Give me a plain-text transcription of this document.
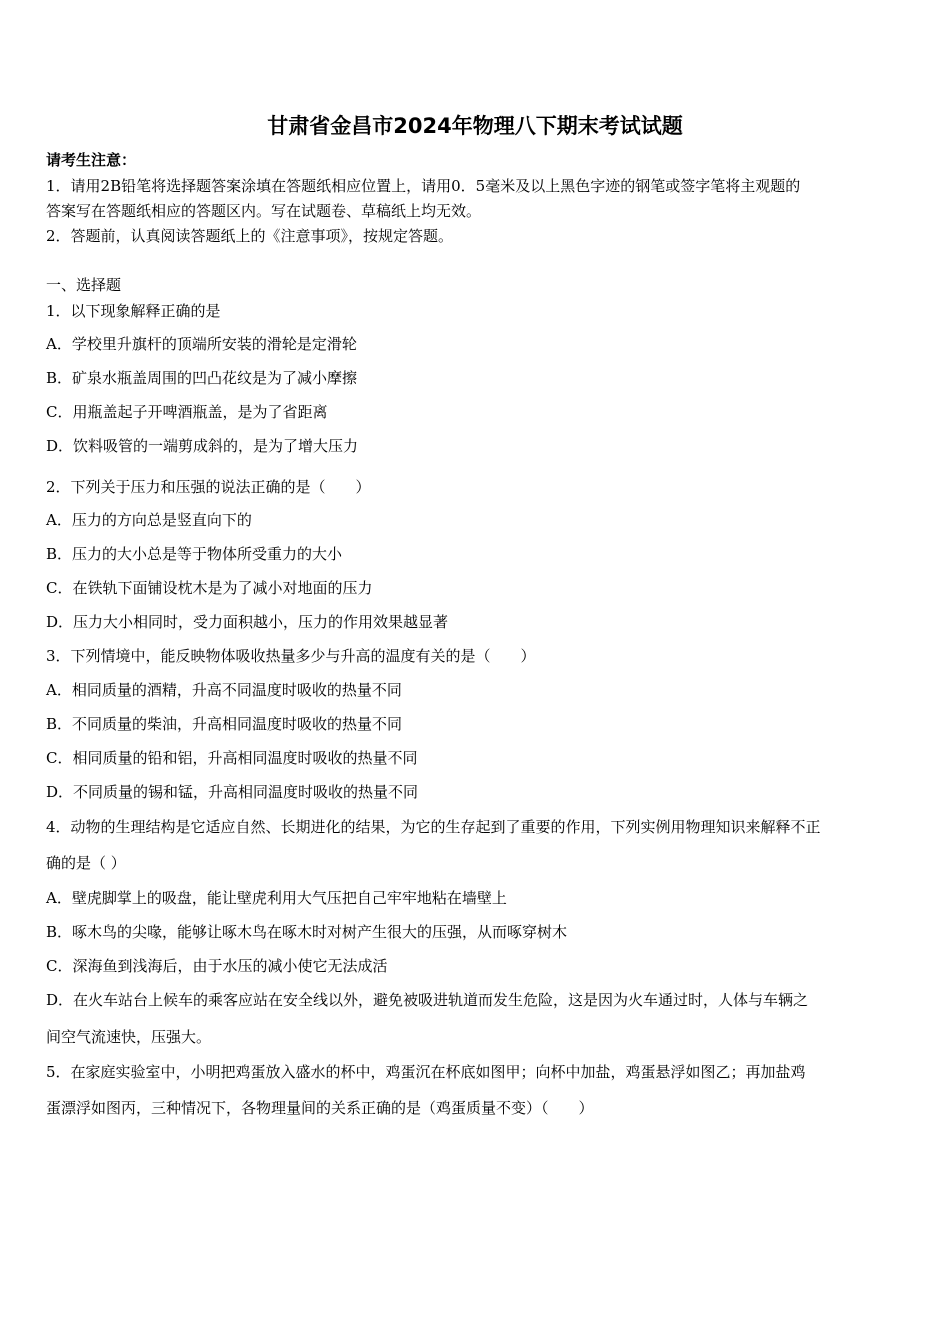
甘肃省金昌市2024年物理八下期末考试试题
请考生注意：
1．请用2B铅笔将选择题答案涂填在答题纸相应位置上，请用0．5毫米及以上黑色字迹的钢笔或签字笔将主观题的
答案写在答题纸相应的答题区内。写在试题卷、草稿纸上均无效。
2．答题前，认真阅读答题纸上的《注意事项》，按规定答题。
一、选择题
1．以下现象解释正确的是
A．学校里升旗杆的顶端所安装的滑轮是定滑轮
B．矿泉水瓶盖周围的凹凸花纹是为了减小摩擦
C．用瓶盖起子开啤酒瓶盖，是为了省距离
D．饮料吸管的一端剪成斜的，是为了增大压力
2．下列关于压力和压强的说法正确的是（　　）
A．压力的方向总是竖直向下的
B．压力的大小总是等于物体所受重力的大小
C．在铁轨下面铺设枕木是为了减小对地面的压力
D．压力大小相同时，受力面积越小，压力的作用效果越显著
3．下列情境中，能反映物体吸收热量多少与升高的温度有关的是（　　）
A．相同质量的酒精，升高不同温度时吸收的热量不同
B．不同质量的柴油，升高相同温度时吸收的热量不同
C．相同质量的铅和铝，升高相同温度时吸收的热量不同
D．不同质量的锡和锰，升高相同温度时吸收的热量不同
4．动物的生理结构是它适应自然、长期进化的结果，为它的生存起到了重要的作用，下列实例用物理知识来解释不正
确的是（ ）
A．壁虎脚掌上的吸盘，能让壁虎利用大气压把自己牢牢地粘在墙壁上
B．啄木鸟的尖喙，能够让啄木鸟在啄木时对树产生很大的压强，从而啄穿树木
C．深海鱼到浅海后，由于水压的减小使它无法成活
D．在火车站台上候车的乘客应站在安全线以外，避免被吸进轨道而发生危险，这是因为火车通过时，人体与车辆之
间空气流速快，压强大。
5．在家庭实验室中，小明把鸡蛋放入盛水的杯中，鸡蛋沉在杯底如图甲；向杯中加盐，鸡蛋悬浮如图乙；再加盐鸡
蛋漂浮如图丙，三种情况下，各物理量间的关系正确的是（鸡蛋质量不变）（　　）
